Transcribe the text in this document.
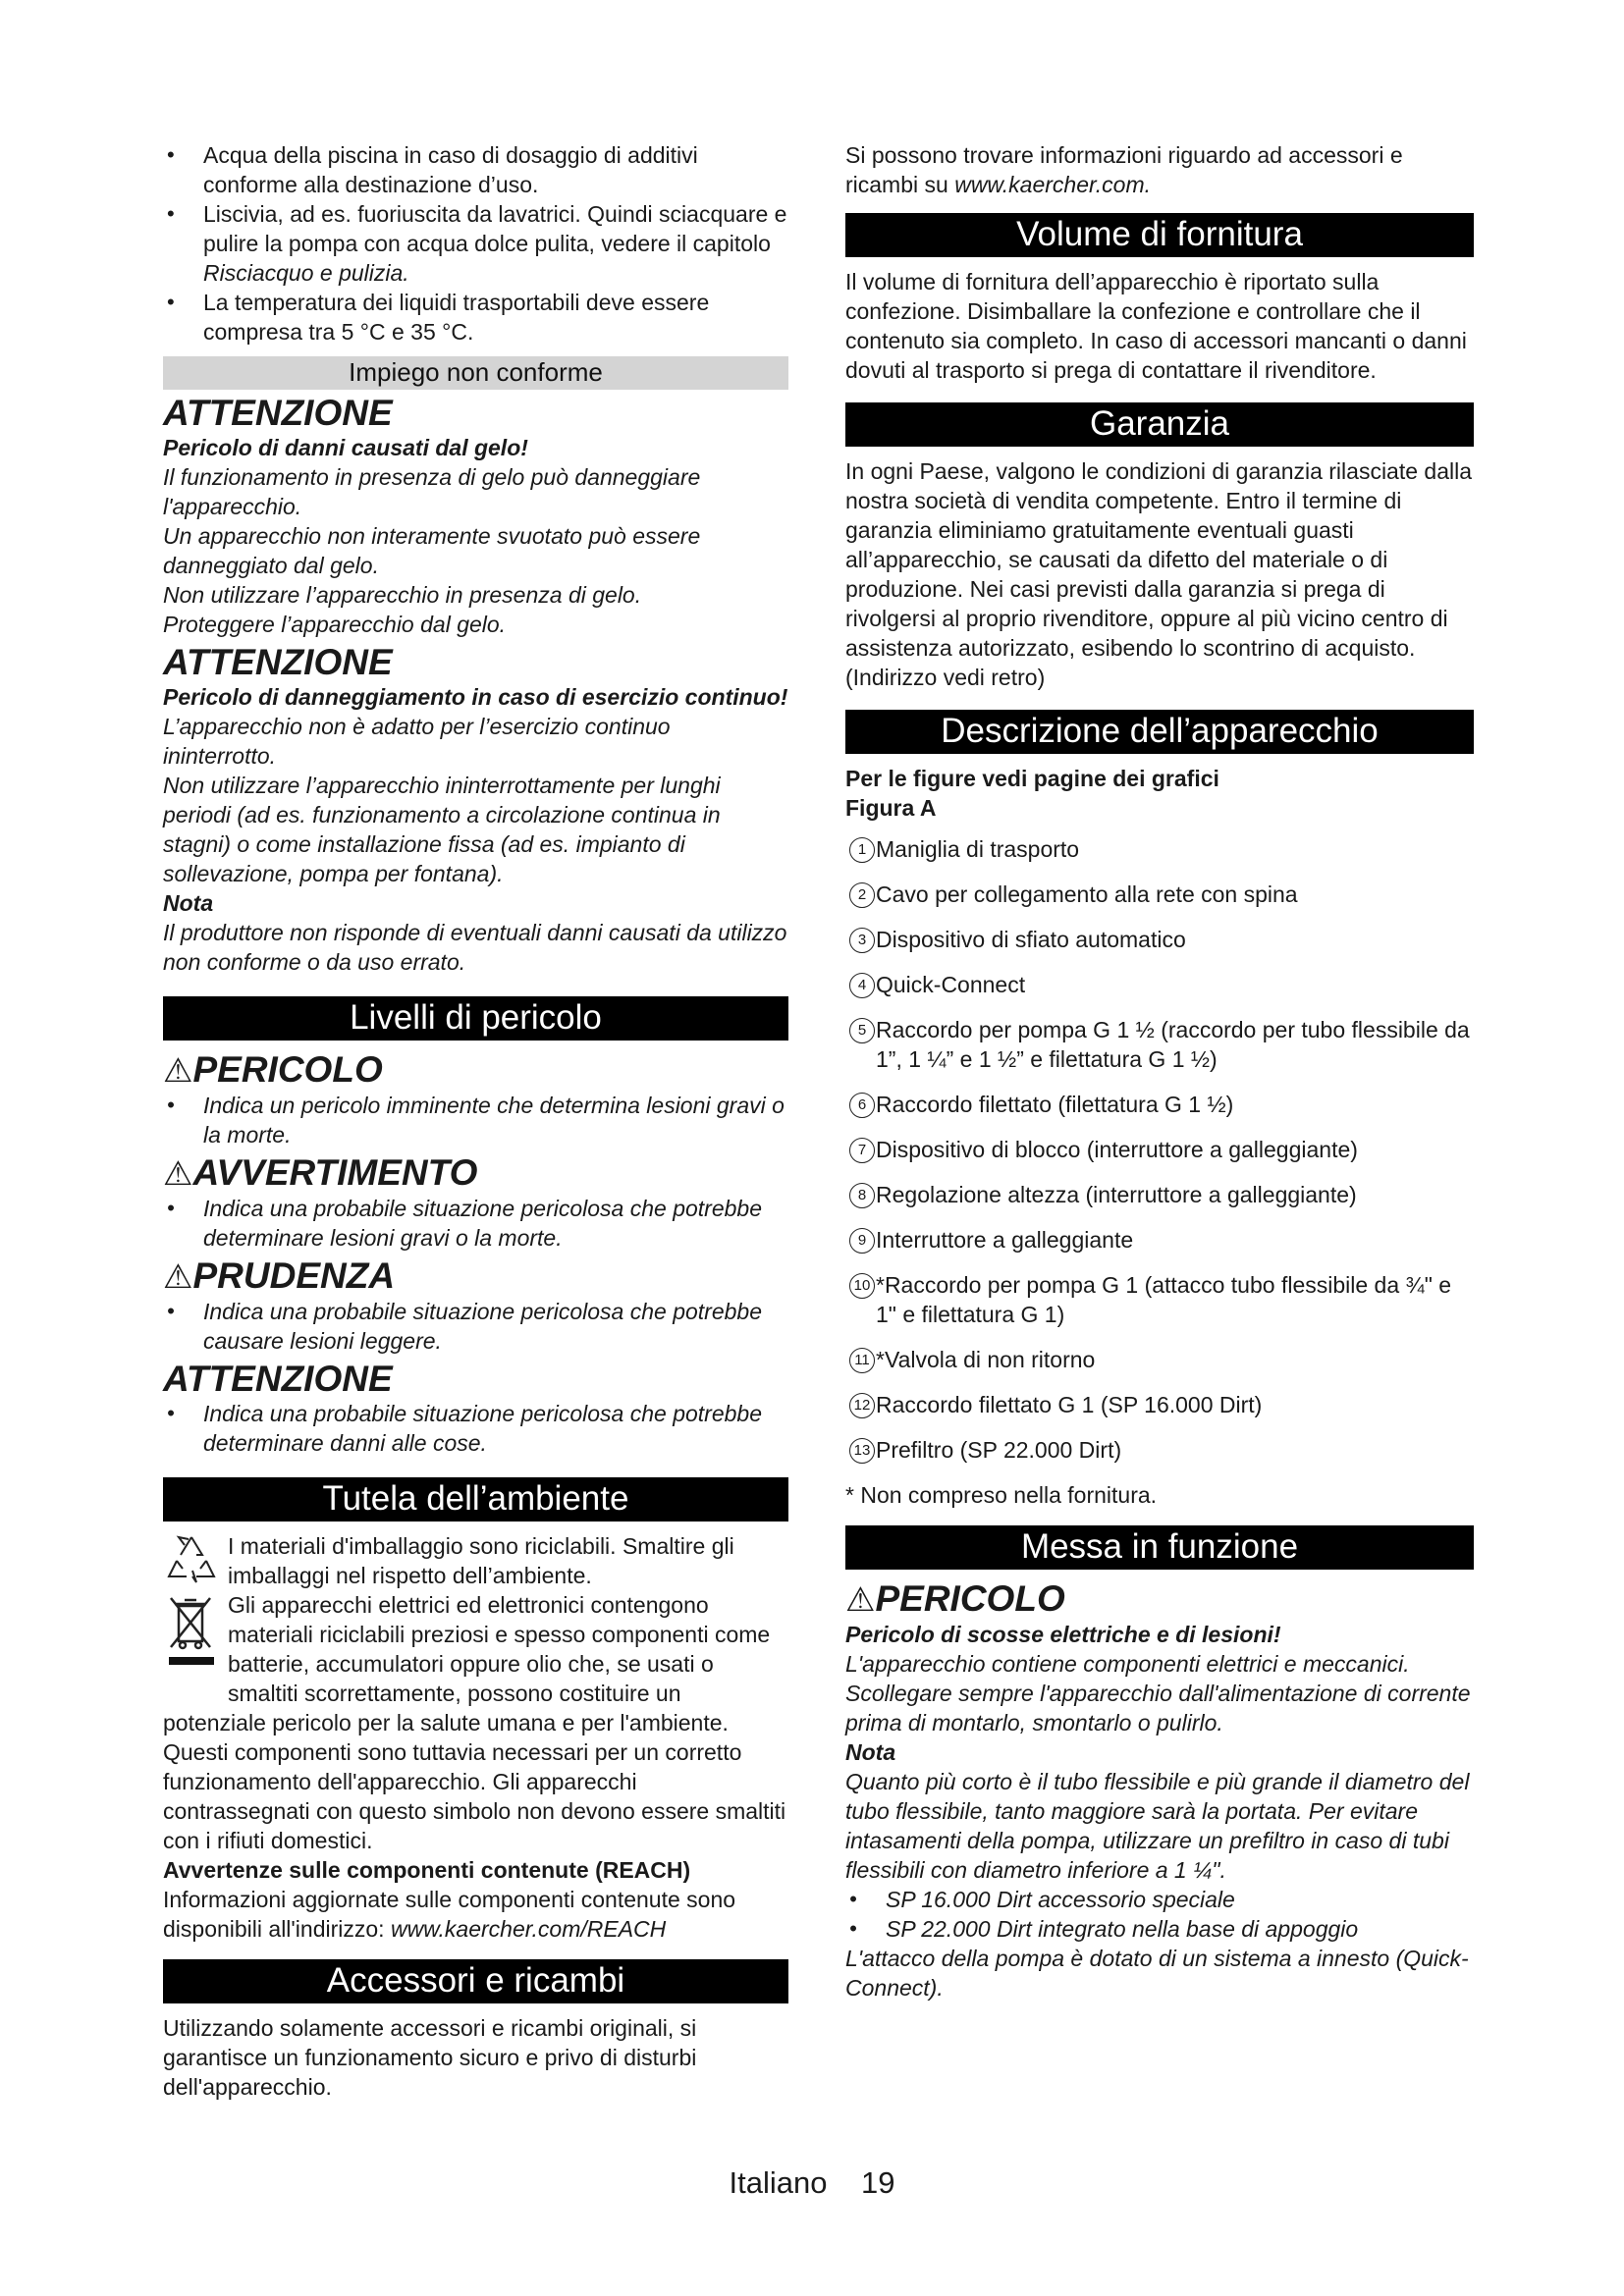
• Acqua della piscina in caso di dosaggio di additivi conforme alla destinazione d’uso.
• Liscivia, ad es. fuoriuscita da lavatrici. Quindi sciacquare e pulire la pompa con acqua dolce pulita, vedere il capitolo Risciacquo e pulizia.
• La temperatura dei liquidi trasportabili deve essere compresa tra 5 °C e 35 °C.
Impiego non conforme
ATTENZIONE

Pericolo di danni causati dal gelo!

Il funzionamento in presenza di gelo può danneggiare l'apparecchio.

Un apparecchio non interamente svuotato può essere danneggiato dal gelo.

Non utilizzare l’apparecchio in presenza di gelo.

Proteggere l’apparecchio dal gelo.

ATTENZIONE

Pericolo di danneggiamento in caso di esercizio continuo!

L’apparecchio non è adatto per l’esercizio continuo ininterrotto.

Non utilizzare l’apparecchio ininterrottamente per lunghi periodi (ad es. funzionamento a circolazione continua in stagni) o come installazione fissa (ad es. impianto di sollevazione, pompa per fontana).

Nota

Il produttore non risponde di eventuali danni causati da utilizzo non conforme o da uso errato.

Livelli di pericolo
⚠PERICOLO
• Indica un pericolo imminente che determina lesioni gravi o la morte.
⚠AVVERTIMENTO
• Indica una probabile situazione pericolosa che potrebbe determinare lesioni gravi o la morte.
⚠PRUDENZA
• Indica una probabile situazione pericolosa che potrebbe causare lesioni leggere.
ATTENZIONE
• Indica una probabile situazione pericolosa che potrebbe determinare danni alle cose.
Tutela dell’ambiente

I materiali d'imballaggio sono riciclabili. Smaltire gli imballaggi nel rispetto dell’ambiente.

Gli apparecchi elettrici ed elettronici contengono materiali riciclabili preziosi e spesso componenti come batterie, accumulatori oppure olio che, se usati o smaltiti scorrettamente, possono costituire un potenziale pericolo per la salute umana e per l'ambiente. Questi componenti sono tuttavia necessari per un corretto funzionamento dell'apparecchio. Gli apparecchi contrassegnati con questo simbolo non devono essere smaltiti con i rifiuti domestici.

Avvertenze sulle componenti contenute (REACH)

Informazioni aggiornate sulle componenti contenute sono disponibili all'indirizzo: www.kaercher.com/REACH

Accessori e ricambi

Utilizzando solamente accessori e ricambi originali, si garantisce un funzionamento sicuro e privo di disturbi dell'apparecchio.

Si possono trovare informazioni riguardo ad accessori e ricambi su www.kaercher.com.

Volume di fornitura

Il volume di fornitura dell’apparecchio è riportato sulla confezione. Disimballare la confezione e controllare che il contenuto sia completo. In caso di accessori mancanti o danni dovuti al trasporto si prega di contattare il rivenditore.

Garanzia

In ogni Paese, valgono le condizioni di garanzia rilasciate dalla nostra società di vendita competente. Entro il termine di garanzia eliminiamo gratuitamente eventuali guasti all’apparecchio, se causati da difetto del materiale o di produzione. Nei casi previsti dalla garanzia si prega di rivolgersi al proprio rivenditore, oppure al più vicino centro di assistenza autorizzato, esibendo lo scontrino di acquisto.

(Indirizzo vedi retro)

Descrizione dell’apparecchio

Per le figure vedi pagine dei grafici

Figura A

1 Maniglia di trasporto
2 Cavo per collegamento alla rete con spina
3 Dispositivo di sfiato automatico
4 Quick-Connect
5 Raccordo per pompa G 1 ½ (raccordo per tubo flessibile da 1”, 1 ¼” e 1 ½” e filettatura G 1 ½)
6 Raccordo filettato (filettatura G 1 ½)
7 Dispositivo di blocco (interruttore a galleggiante)
8 Regolazione altezza (interruttore a galleggiante)
9 Interruttore a galleggiante
10 *Raccordo per pompa G 1 (attacco tubo flessibile da ¾" e 1" e filettatura G 1)
11 *Valvola di non ritorno
12 Raccordo filettato G 1 (SP 16.000 Dirt)
13 Prefiltro (SP 22.000 Dirt)

* Non compreso nella fornitura.

Messa in funzione
⚠PERICOLO

Pericolo di scosse elettriche e di lesioni!

L'apparecchio contiene componenti elettrici e meccanici.

Scollegare sempre l'apparecchio dall'alimentazione di corrente prima di montarlo, smontarlo o pulirlo.

Nota

Quanto più corto è il tubo flessibile e più grande il diametro del tubo flessibile, tanto maggiore sarà la portata. Per evitare intasamenti della pompa, utilizzare un prefiltro in caso di tubi flessibili con diametro inferiore a 1 ¼".

• SP 16.000 Dirt accessorio speciale
• SP 22.000 Dirt integrato nella base di appoggio

L'attacco della pompa è dotato di un sistema a innesto (Quick-Connect).

Italiano 19
